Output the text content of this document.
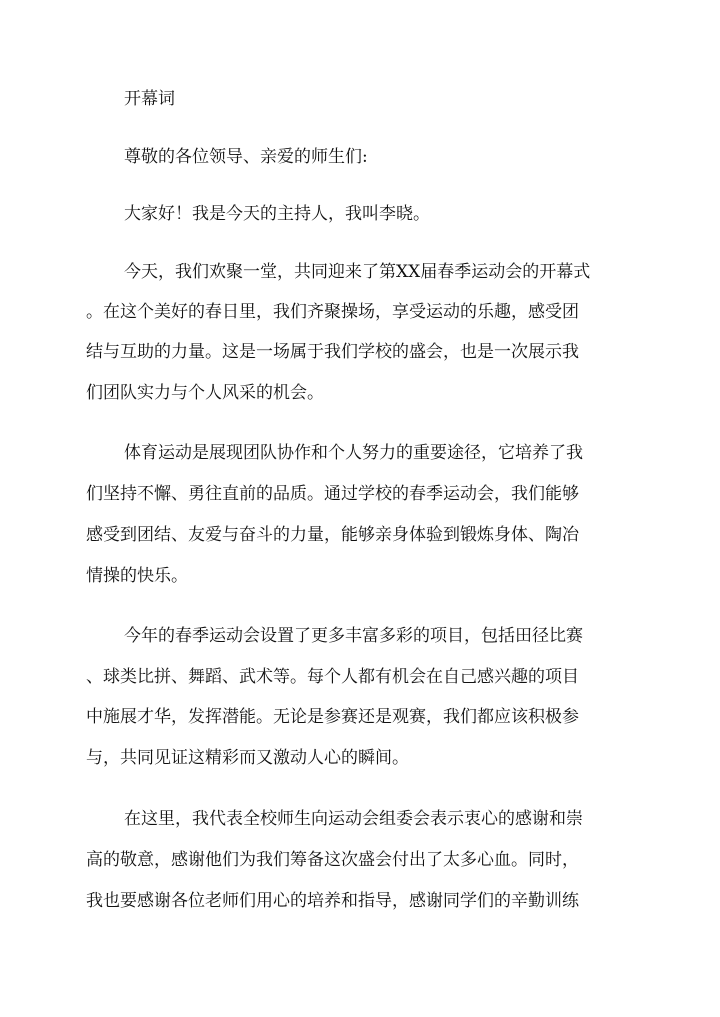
开幕词
尊敬的各位领导、亲爱的师生们:
大家好！我是今天的主持人，我叫李晓。
今天，我们欢聚一堂，共同迎来了第XX届春季运动会的开幕式
。在这个美好的春日里，我们齐聚操场，享受运动的乐趣，感受团
结与互助的力量。这是一场属于我们学校的盛会，也是一次展示我
们团队实力与个人风采的机会。
体育运动是展现团队协作和个人努力的重要途径，它培养了我
们坚持不懈、勇往直前的品质。通过学校的春季运动会，我们能够
感受到团结、友爱与奋斗的力量，能够亲身体验到锻炼身体、陶冶
情操的快乐。
今年的春季运动会设置了更多丰富多彩的项目，包括田径比赛
、球类比拼、舞蹈、武术等。每个人都有机会在自己感兴趣的项目
中施展才华，发挥潜能。无论是参赛还是观赛，我们都应该积极参
与，共同见证这精彩而又激动人心的瞬间。
在这里，我代表全校师生向运动会组委会表示衷心的感谢和崇
高的敬意，感谢他们为我们筹备这次盛会付出了太多心血。同时，
我也要感谢各位老师们用心的培养和指导，感谢同学们的辛勤训练
